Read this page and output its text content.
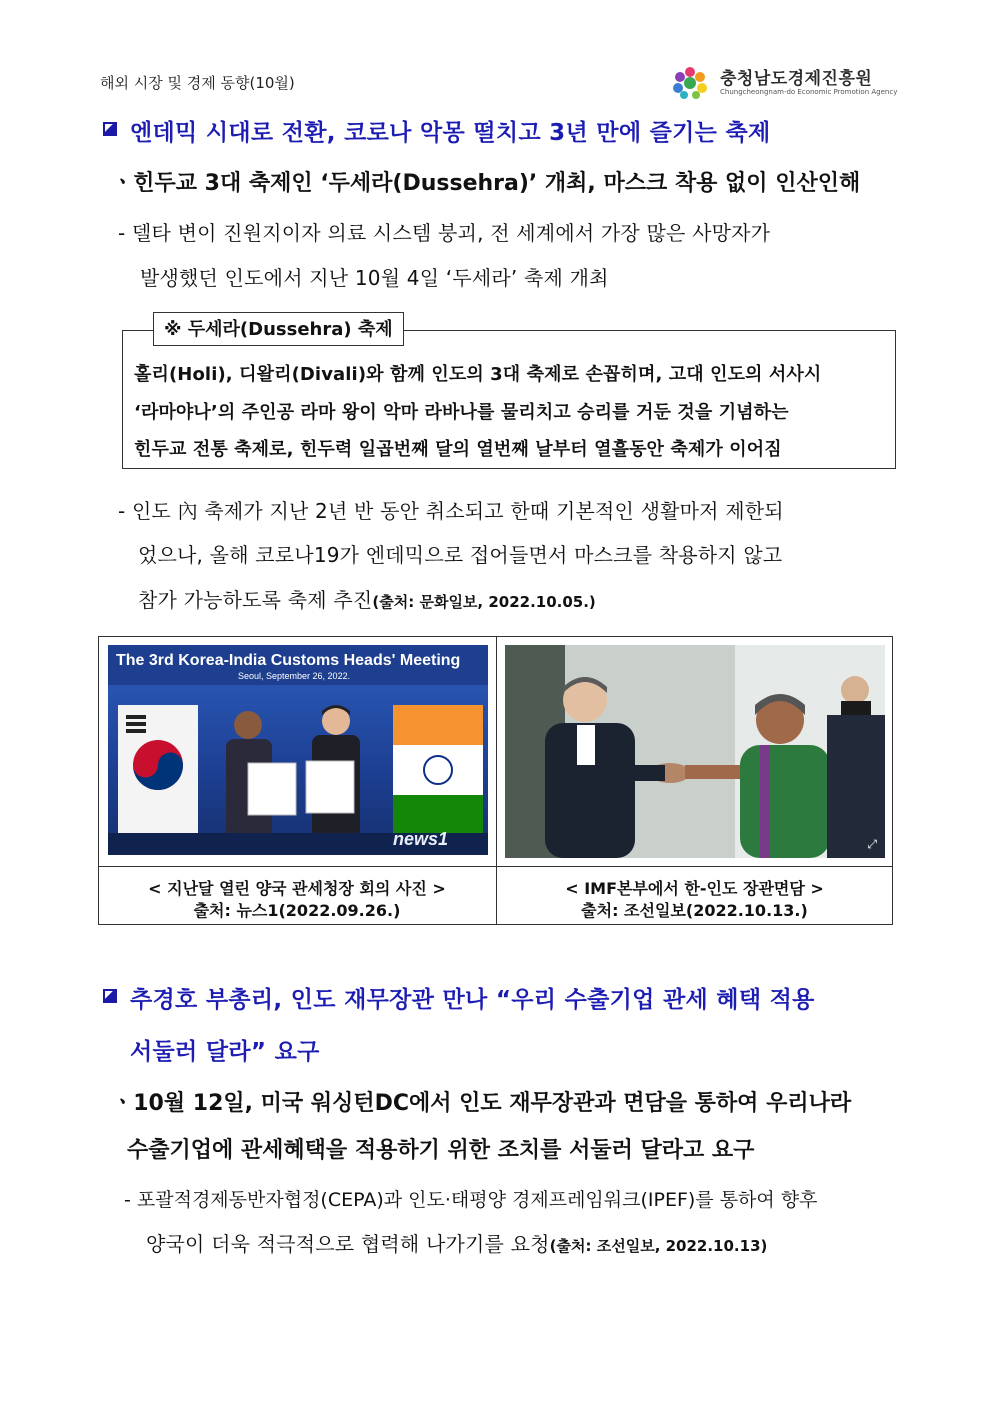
해외 시장 및 경제 동향(10월)	충청남도경제진흥원
Chungcheongnam-do Economic Promotion Agency
엔데믹 시대로 전환, 코로나 악몽 떨치고 3년 만에 즐기는 축제
ㆍ힌두교 3대 축제인 ‘두세라(Dussehra)’ 개최, 마스크 착용 없이 인산인해
- 델타 변이 진원지이자 의료 시스템 붕괴, 전 세계에서 가장 많은 사망자가
발생했던 인도에서 지난 10월 4일 ‘두세라’ 축제 개최
※ 두세라(Dussehra) 축제
홀리(Holi), 디왈리(Divali)와 함께 인도의 3대 축제로 손꼽히며, 고대 인도의 서사시
‘라마야나’의 주인공 라마 왕이 악마 라바나를 물리치고 승리를 거둔 것을 기념하는
힌두교 전통 축제로, 힌두력 일곱번째 달의 열번째 날부터 열흘동안 축제가 이어짐
- 인도 內 축제가 지난 2년 반 동안 취소되고 한때 기본적인 생활마저 제한되
었으나, 올해 코로나19가 엔데믹으로 접어들면서 마스크를 착용하지 않고
참가 가능하도록 축제 추진(출처: 문화일보, 2022.10.05.)
The 3rd Korea-India Customs Heads' Meeting
Seoul, September 26, 2022.
news1	⤢
< 지난달 열린 양국 관세청장 회의 사진 >
출처: 뉴스1(2022.09.26.)
< IMF본부에서 한-인도 장관면담 >
출처: 조선일보(2022.10.13.)
추경호 부총리, 인도 재무장관 만나 “우리 수출기업 관세 혜택 적용
서둘러 달라” 요구
ㆍ10월 12일, 미국 워싱턴DC에서 인도 재무장관과 면담을 통하여 우리나라
수출기업에 관세혜택을 적용하기 위한 조치를 서둘러 달라고 요구
- 포괄적경제동반자협정(CEPA)과 인도·태평양 경제프레임워크(IPEF)를 통하여 향후
양국이 더욱 적극적으로 협력해 나가기를 요청(출처: 조선일보, 2022.10.13)
